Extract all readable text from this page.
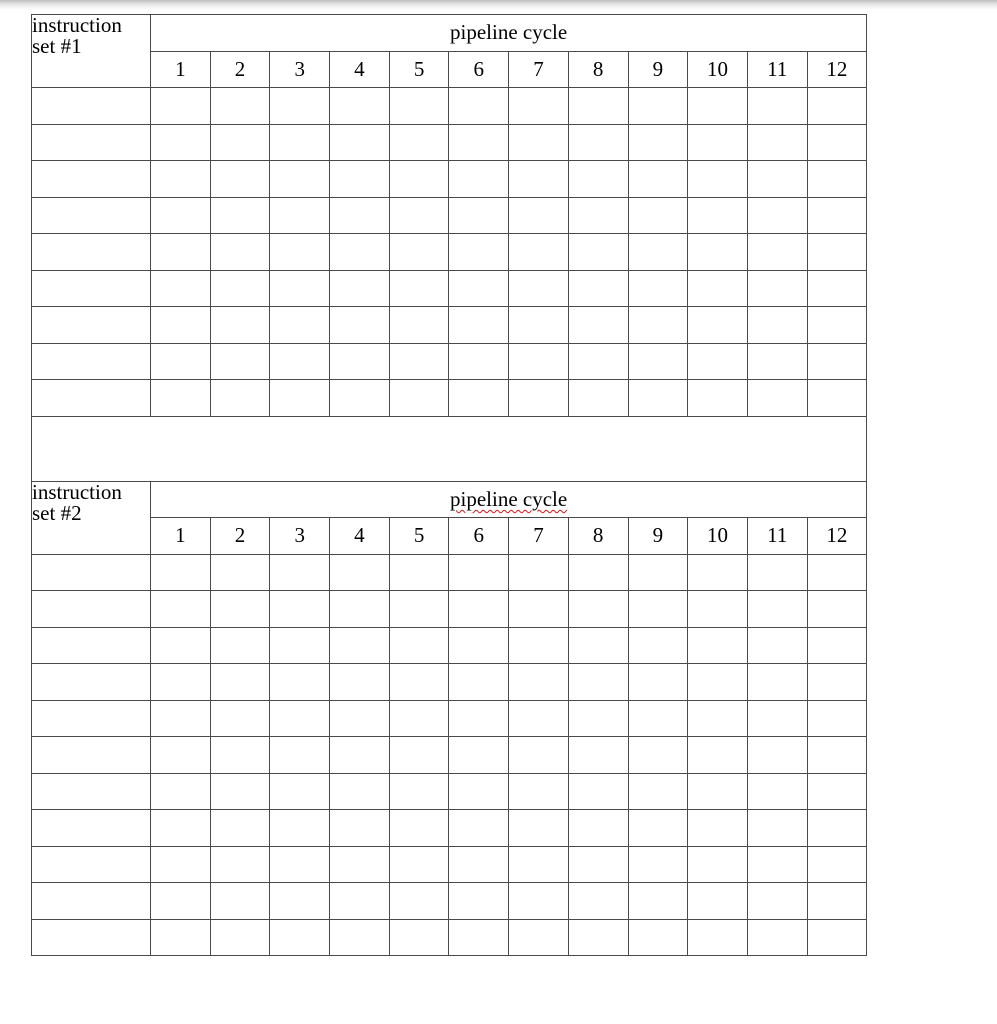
instruction
set #1	pipeline cycle											
	1	2	3	4	5	6	7	8	9	10	11	12

instruction
set #2	pipeline cycle											
	1	2	3	4	5	6	7	8	9	10	11	12
